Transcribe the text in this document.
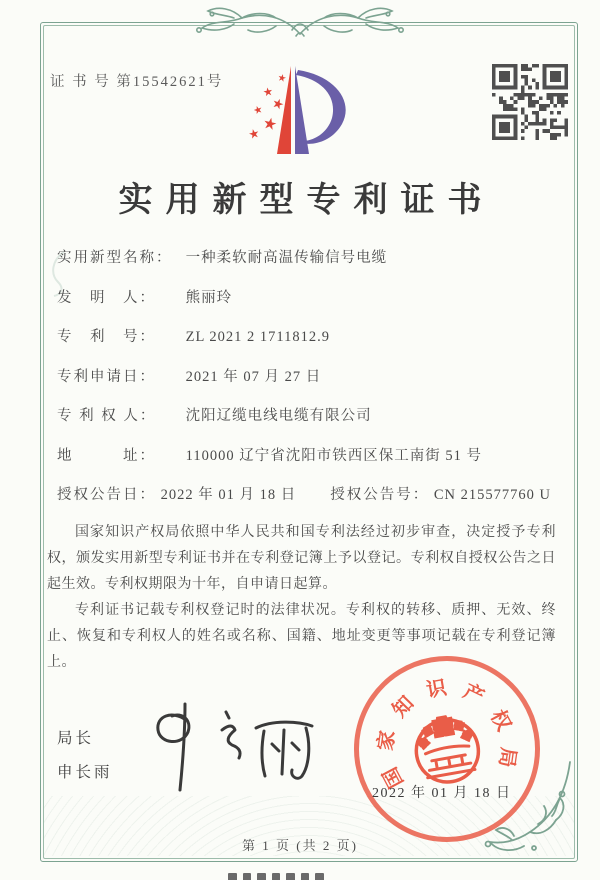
证 书 号 第15542621号
实用新型专利证书
实用新型名称： 一种柔软耐高温传输信号电缆
发　明　人： 熊丽玲
专　利　号： ZL 2021 2 1711812.9
专利申请日： 2021 年 07 月 27 日
专 利 权 人： 沈阳辽缆电线电缆有限公司
地　　　址： 110000 辽宁省沈阳市铁西区保工南街 51 号
授权公告日： 2022 年 01 月 18 日 授权公告号： CN 215577760 U

国家知识产权局依照中华人民共和国专利法经过初步审查，决定授予专利权，颁发实用新型专利证书并在专利登记簿上予以登记。专利权自授权公告之日起生效。专利权期限为十年，自申请日起算。

专利证书记载专利权登记时的法律状况。专利权的转移、质押、无效、终止、恢复和专利权人的姓名或名称、国籍、地址变更等事项记载在专利登记簿上。

局长
申长雨	国
家
知
识 产
权
局
2022 年 01 月 18 日
第 1 页 (共 2 页)
